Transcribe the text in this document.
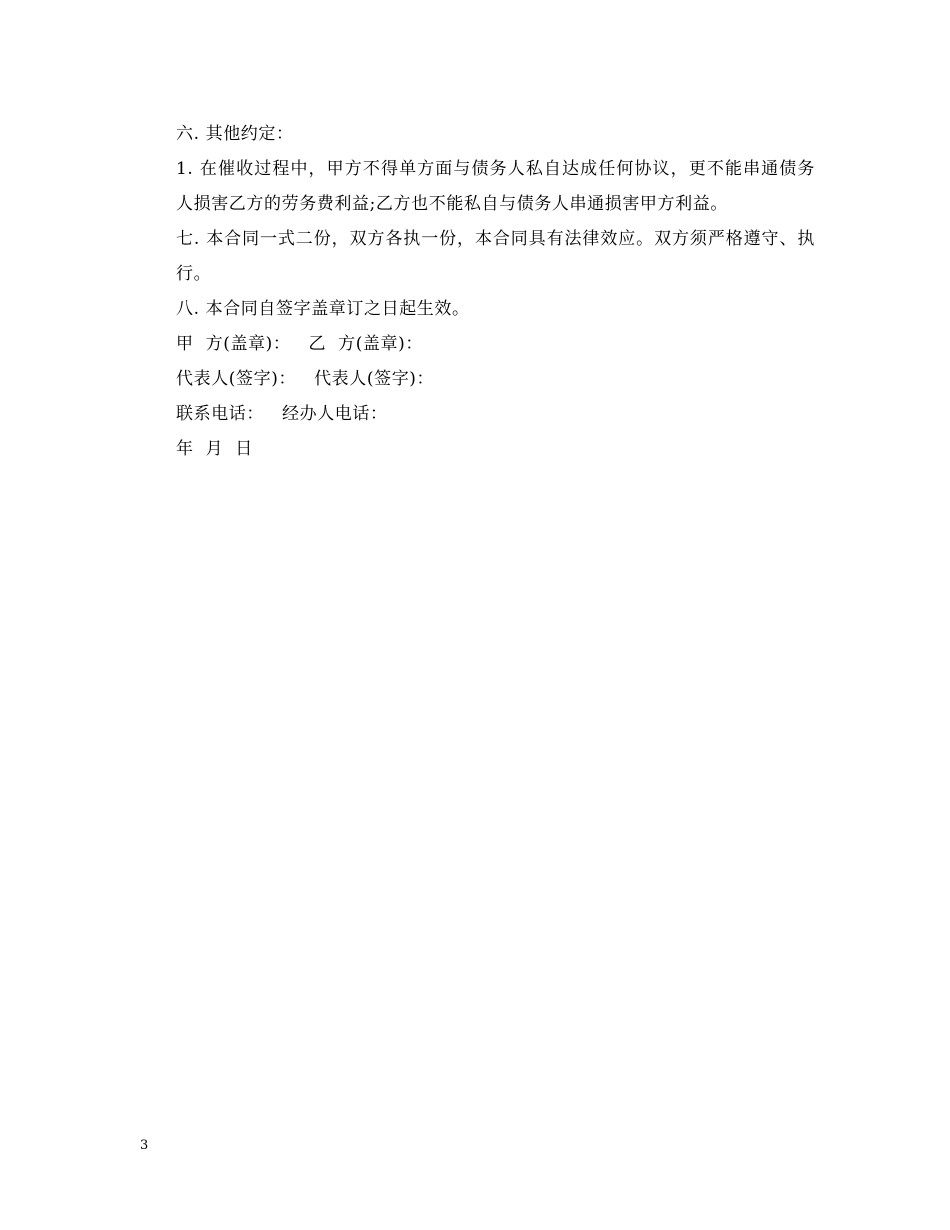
六. 其他约定：

1. 在催收过程中，甲方不得单方面与债务人私自达成任何协议，更不能串通债务人损害乙方的劳务费利益;乙方也不能私自与债务人串通损害甲方利益。

七. 本合同一式二份，双方各执一份，本合同具有法律效应。双方须严格遵守、执行。

八. 本合同自签字盖章订之日起生效。

甲  方(盖章)：   乙  方(盖章)：

代表人(签字)：   代表人(签字)：

联系电话：   经办人电话：

年  月  日

3
